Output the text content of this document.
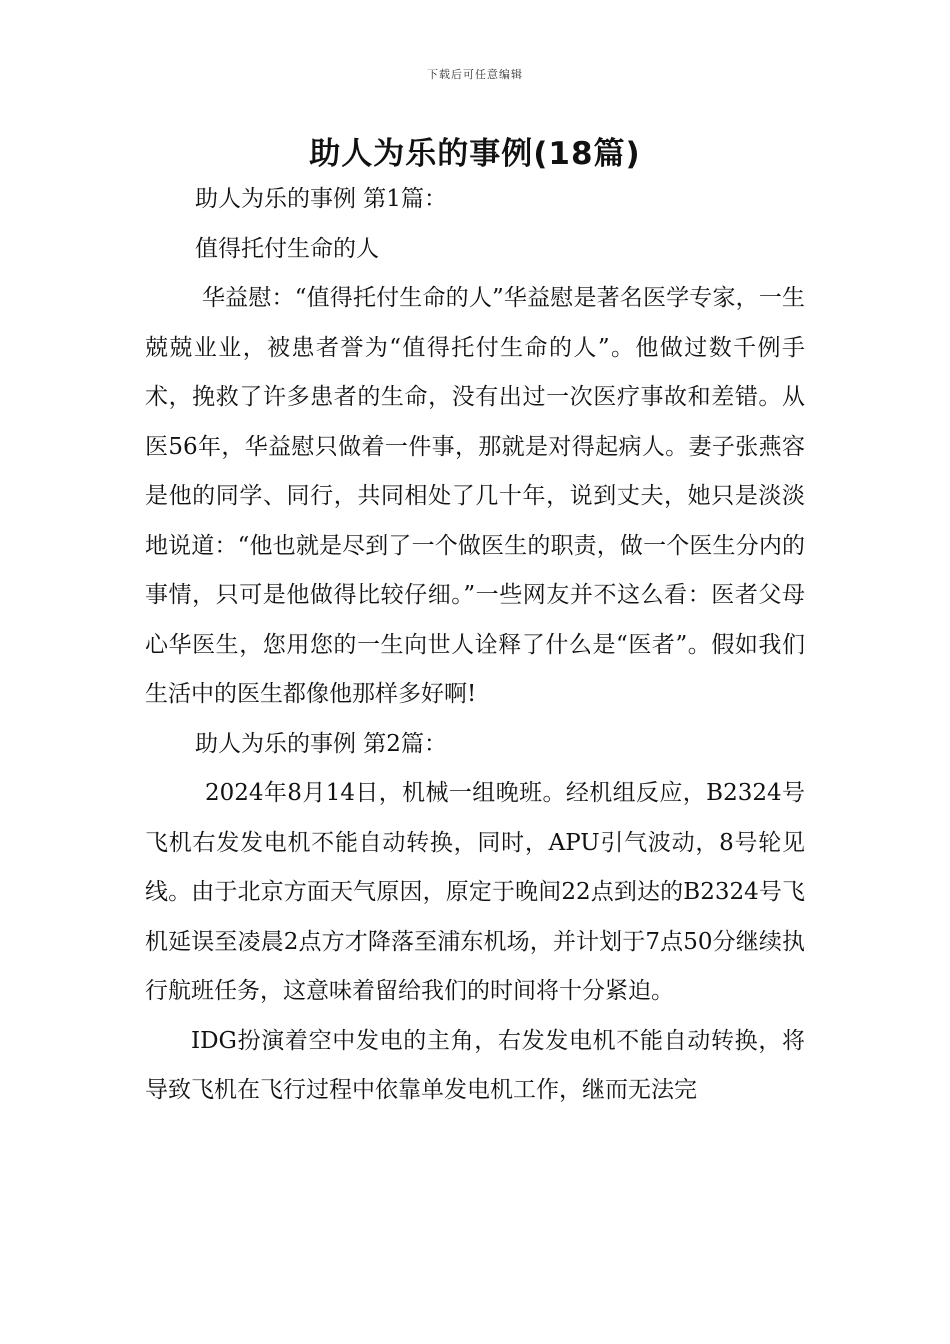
下载后可任意编辑
助人为乐的事例(18篇)

助人为乐的事例 第1篇：

值得托付生命的人

华益慰：“值得托付生命的人”华益慰是著名医学专家，一生兢兢业业，被患者誉为“值得托付生命的人”。他做过数千例手术，挽救了许多患者的生命，没有出过一次医疗事故和差错。从医56年，华益慰只做着一件事，那就是对得起病人。妻子张燕容是他的同学、同行，共同相处了几十年，说到丈夫，她只是淡淡地说道：“他也就是尽到了一个做医生的职责，做一个医生分内的事情，只可是他做得比较仔细。”一些网友并不这么看：医者父母心华医生，您用您的一生向世人诠释了什么是“医者”。假如我们生活中的医生都像他那样多好啊!

助人为乐的事例 第2篇：

2024年8月14日，机械一组晚班。经机组反应，B2324号飞机右发发电机不能自动转换，同时，APU引气波动，8号轮见线。由于北京方面天气原因，原定于晚间22点到达的B2324号飞机延误至凌晨2点方才降落至浦东机场，并计划于7点50分继续执行航班任务，这意味着留给我们的时间将十分紧迫。

IDG扮演着空中发电的主角，右发发电机不能自动转换，将导致飞机在飞行过程中依靠单发电机工作，继而无法完
